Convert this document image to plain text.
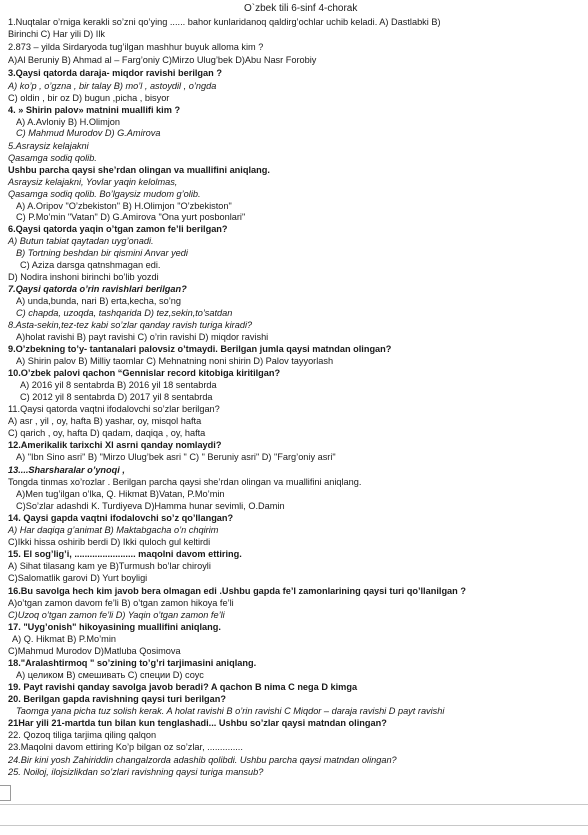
O`zbek tili 6-sinf 4-chorak
1.Nuqtalar o’rniga kerakli so’zni qo’ying ...... bahor kunlaridanoq qaldirg’ochlar uchib keladi. A) Dastlabki B)
Birinchi C) Har yili D) Ilk
2.873 – yilda Sirdaryoda tug’ilgan mashhur buyuk alloma kim ?
A)Al Beruniy B) Ahmad al – Farg’oniy C)Mirzo Ulug’bek D)Abu Nasr Forobiy
3.Qaysi qatorda daraja- miqdor ravishi berilgan ?
A) ko’p , o’gzna , bir talay B) mo’l , astoydil , o’ngda
C) oldin , bir oz D) bugun ,picha , bisyor
4. » Shirin palov» matnini muallifi kim ?
A) A.Avloniy B) H.Olimjon
C) Mahmud Murodov D) G.Amirova
5.Asraysiz kelajakni
Qasamga sodiq qolib.
Ushbu parcha qaysi she’rdan olingan va muallifini aniqlang.
Asraysiz kelajakni, Yovlar yaqin kelolmas,
Qasamga sodiq qolib. Bo’lgaysiz mudom g’olib.
A) A.Oripov "O’zbekiston" B) H.Olimjon "O’zbekiston"
C) P.Mo’min "Vatan" D) G.Amirova "Ona yurt posbonlari"
6.Qaysi qatorda yaqin o’tgan zamon fe’li berilgan?
A) Butun tabiat qaytadan uyg’onadi.
B) Tortning beshdan bir qismini Anvar yedi
C) Aziza darsga qatnshmagan edi.
D) Nodira inshoni birinchi bo’lib yozdi
7.Qaysi qatorda o’rin ravishlari berilgan?
A) unda,bunda, nari B) erta,kecha, so’ng
C) chapda, uzoqda, tashqarida D) tez,sekin,to’satdan
8.Asta-sekin,tez-tez kabi so’zlar qanday ravish turiga kiradi?
A)holat ravishi B) payt ravishi C) o’rin ravishi D) miqdor ravishi
9.O’zbekning to’y- tantanalari palovsiz o’tmaydi. Berilgan jumla qaysi matndan olingan?
A) Shirin palov B) Milliy taomlar C) Mehnatning noni shirin D) Palov tayyorlash
10.O’zbek palovi qachon “Gennislar record kitobiga kiritilgan?
A) 2016 yil 8 sentabrda B) 2016 yil 18 sentabrda
C) 2012 yil 8 sentabrda D) 2017 yil 8 sentabrda
11.Qaysi qatorda vaqtni ifodalovchi so’zlar berilgan?
A) asr , yil , oy, hafta B) yashar, oy, misqol hafta
C) qarich , oy, hafta D) qadam, daqiqa , oy, hafta
12.Amerikalik tarixchi Xl asrni qanday nomlaydi?
A) "Ibn Sino asri" B) "Mirzo Ulug’bek asri " C) " Beruniy asri" D) "Farg’oniy asri"
13....Sharsharalar o’ynoqi ,
Tongda tinmas xo’rozlar . Berilgan parcha qaysi she’rdan olingan va muallifini aniqlang.
A)Men tug’ilgan o’lka, Q. Hikmat B)Vatan, P.Mo’min
C)So’zlar adashdi K. Turdiyeva D)Hamma hunar sevimli, O.Damin
14. Qaysi gapda vaqtni ifodalovchi so’z qo’llangan?
A) Har daqiqa g’animat B) Maktabgacha o’n chqirim
C)Ikki hissa oshirib berdi D) Ikki quloch gul keltirdi
15. El sog’lig’i, ........................ maqolni davom ettiring.
A) Sihat tilasang kam ye B)Turmush bo’lar chiroyli
C)Salomatlik garovi D) Yurt boyligi
16.Bu savolga hech kim javob bera olmagan edi .Ushbu gapda fe’l zamonlarining qaysi turi qo’llanilgan ?
A)o’tgan zamon davom fe’li B) o’tgan zamon hikoya fe’li
C)Uzoq o’tgan zamon fe’li D) Yaqin o’tgan zamon fe’li
17. "Uyg’onish" hikoyasining muallifini aniqlang.
A) Q. Hikmat B) P.Mo’min
C)Mahmud Murodov D)Matluba Qosimova
18."Aralashtirmoq " so’zining to’g’ri tarjimasini aniqlang.
A) целиком B) смешивать C) специи D) соус
19. Payt ravishi qanday savolga javob beradi? A qachon B nima C nega D kimga
20. Berilgan gapda ravishning qaysi turi berilgan?
Taomga yana picha tuz solish kerak. A holat ravishi B o’rin ravishi C Miqdor – daraja ravishi D payt ravishi
21Har yili 21-martda tun bilan kun tenglashadi... Ushbu so’zlar qaysi matndan olingan?
22. Qozoq tiliga tarjima qiling qalqon
23.Maqolni davom ettiring Ko’p bilgan oz so’zlar, ..............
24.Bir kini yosh Zahiriddin changalzorda adashib qolibdi. Ushbu parcha qaysi matndan olingan?
25. Noiloj, iloјsizlikdan so’zlari ravishning qaysi turiga mansub?
